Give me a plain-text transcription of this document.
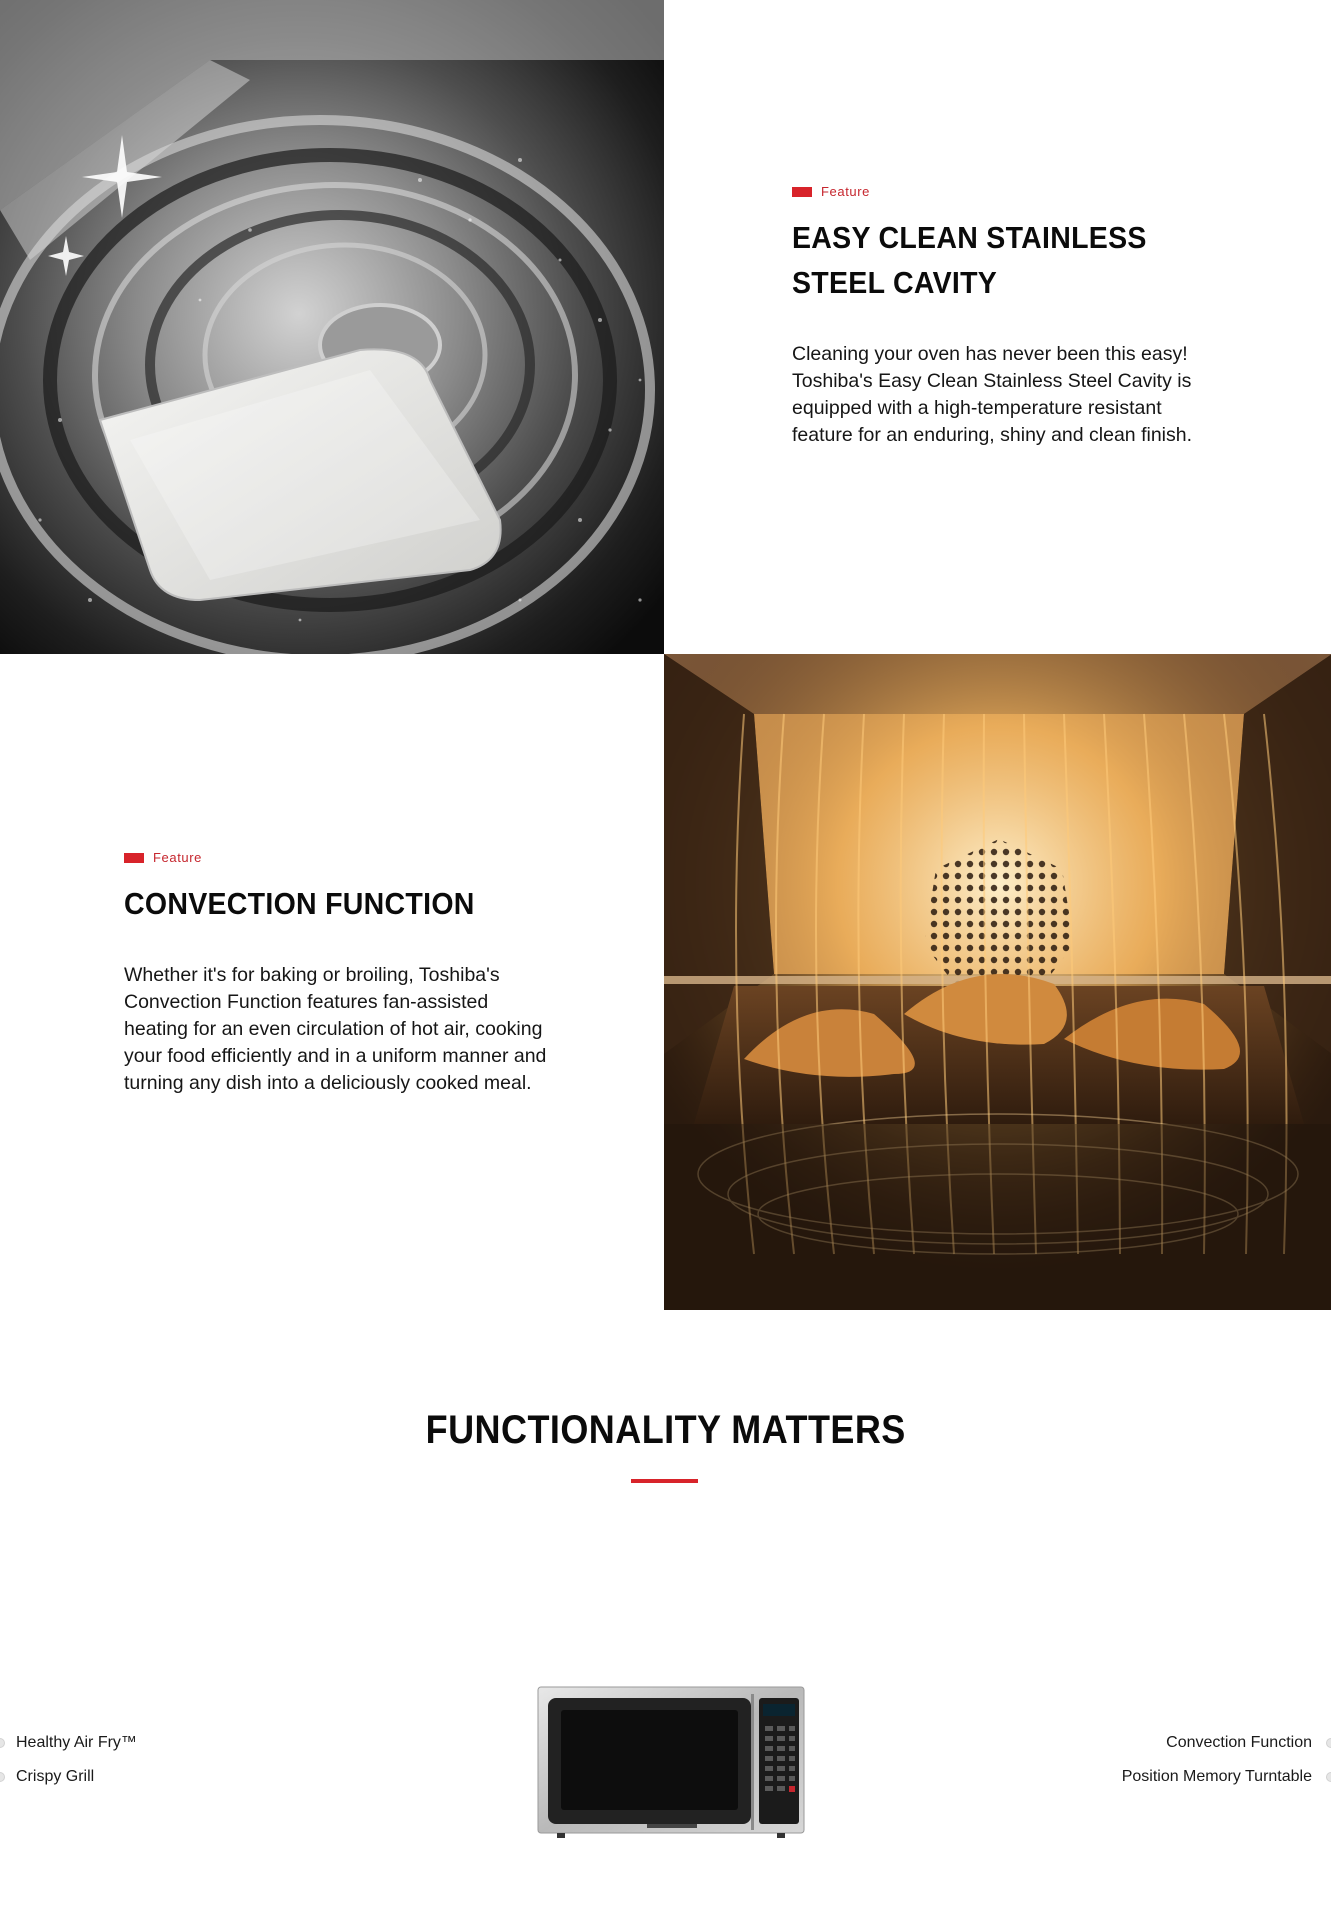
Feature
EASY CLEAN STAINLESS STEEL CAVITY

Cleaning your oven has never been this easy! Toshiba's Easy Clean Stainless Steel Cavity is equipped with a high-temperature resistant feature for an enduring, shiny and clean finish.

Feature
CONVECTION FUNCTION

Whether it's for baking or broiling, Toshiba's Convection Function features fan-assisted heating for an even circulation of hot air, cooking your food efficiently and in a uniform manner and turning any dish into a deliciously cooked meal.

FUNCTIONALITY MATTERS
Healthy Air Fry™
Crispy Grill
Convection Function
Position Memory Turntable
